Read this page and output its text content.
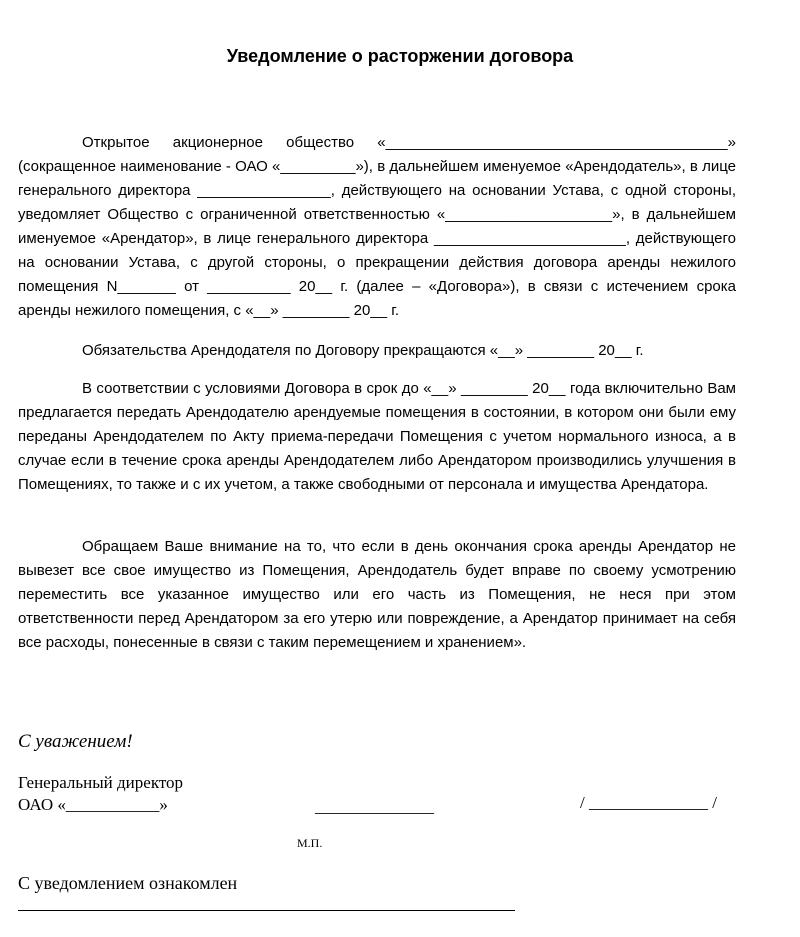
Уведомление о расторжении договора

Открытое акционерное общество «_________________________________________» (сокращенное наименование - ОАО «_________»), в дальнейшем именуемое «Арендодатель», в лице генерального директора ________________, действующего на основании Устава, с одной стороны, уведомляет Общество с ограниченной ответственностью «____________________», в дальнейшем именуемое «Арендатор», в лице генерального директора _______________________, действующего на основании Устава, с другой стороны, о прекращении действия договора аренды нежилого помещения N_______ от __________ 20__ г. (далее – «Договора»), в связи с истечением срока аренды нежилого помещения, с «__» ________ 20__ г.

Обязательства Арендодателя по Договору прекращаются «__» ________ 20__ г.

В соответствии с условиями Договора в срок до «__» ________ 20__ года включительно Вам предлагается передать Арендодателю арендуемые помещения в состоянии, в котором они были ему переданы Арендодателем по Акту приема-передачи Помещения с учетом нормального износа, а в случае если в течение срока аренды Арендодателем либо Арендатором производились улучшения в Помещениях, то также и с их учетом, а также свободными от персонала и имущества Арендатора.

Обращаем Ваше внимание на то, что если в день окончания срока аренды Арендатор не вывезет все свое имущество из Помещения, Арендодатель будет вправе по своему усмотрению переместить все указанное имущество или его часть из Помещения, не неся при этом ответственности перед Арендатором за его утерю или повреждение, а Арендатор принимает на себя все расходы, понесенные в связи с таким перемещением и хранением».

С уважением!
Генеральный директор
ОАО «___________»	______________	/ ______________ /
М.П.
С уведомлением ознакомлен
